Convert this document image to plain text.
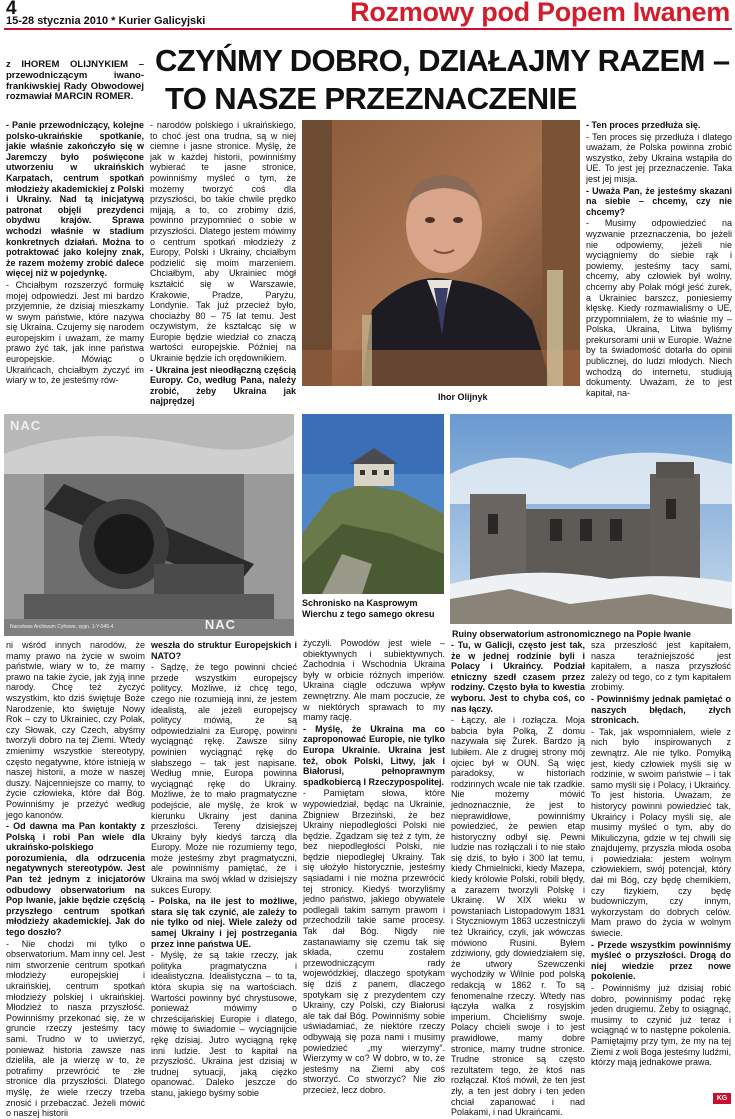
4
15-28 stycznia 2010 * Kurier Galicyjski	Rozmowy pod Popem Iwanem
CZYŃMY DOBRO, DZIAŁAJMY RAZEM –
TO NASZE PRZEZNACZENIE
z IHOREM OLIJNYKIEM – przewodniczącym iwano-frankiwskiej Rady Obwodowej rozmawiał MARCIN ROMER.

- Panie przewodniczący, kolejne polsko-ukraińskie spotkanie, jakie właśnie zakończyło się w Jaremczy było poświęcone utworzeniu w ukraińskich Karpatach, centrum spotkań młodzieży akademickiej z Polski i Ukrainy. Nad tą inicjatywą patronat objęli prezydenci obydwu krajów. Sprawa wchodzi właśnie w stadium konkretnych działań. Można to potraktować jako kolejny znak, że razem możemy zrobić dalece więcej niż w pojedynkę.

- Chciałbym rozszerzyć formułę mojej odpowiedzi. Jest mi bardzo przyjemnie, że dzisiaj mieszkamy w swym państwie, które nazywa się Ukraina. Czujemy się narodem europejskim i uważam, że mamy prawo żyć tak, jak inne państwa europejskie. Mówiąc o Ukraińcach, chciałbym życzyć im wiary w to, że jesteśmy rów-

- narodów polskiego i ukraińskiego, to choć jest ona trudna, są w niej ciemne i jasne stronice. Myślę, że jak w każdej historii, powinniśmy wybierać te jasne stronice, powinniśmy myśleć o tym, że możemy tworzyć coś dla przyszłości, bo takie chwile prędko mijają, a to, co zrobimy dziś, powinno przypomnieć o sobie w przyszłości. Dlatego jestem mówimy o centrum spotkań młodzieży z Europy, Polski i Ukrainy, chciałbym podzielić się moim marzeniem. Chciałbym, aby Ukrainiec mógł kształcić się w Warszawie, Krakowie, Pradze, Paryżu, Londynie. Tak już przecież było, chociażby 80 – 75 lat temu. Jest oczywistym, że kształcąc się w Europie będzie wiedział co znaczą wartości europejskie. Później na Ukrainie będzie ich orędownikiem.

- Ukraina jest nieodłączną częścią Europy. Co, według Pana, należy zrobić, żeby Ukraina jak najprędzej

- Ten proces przedłuża się.

- Ten proces się przedłuża i dlatego uważam, że Polska powinna zrobić wszystko, żeby Ukraina wstąpiła do UE. To jest jej przeznaczenie. Taka jest jej misja.

- Uważa Pan, że jesteśmy skazani na siebie – chcemy, czy nie chcemy?

- Musimy odpowiedzieć na wyzwanie przeznaczenia, bo jeżeli nie odpowiemy, jeżeli nie wyciągniemy do siebie rąk i powiemy, jesteśmy tacy sami, chcemy, aby człowiek był wolny, chcemy aby Polak mógł jeść żurek, a Ukrainiec barszcz, poniesiemy klęskę. Kiedy rozmawialiśmy o UE, przypomniałem, że to właśnie my – Polska, Ukraina, Litwa byliśmy prekursorami unii w Europie. Ważne by ta świadomość dotarła do opinii publicznej, do ludzi młodych. Niech wchodzą do internetu, studiują dokumenty. Uważam, że to jest kapitał, na-

Ihor Olijnyk
NAC
NAC
Narodowe Archiwum Cyfrowe, sygn. 1-Y-045-4
Schronisko na Kasprowym Wierchu z tego samego okresu
Ruiny obserwatorium astronomicznego na Popie Iwanie

ni wśród innych narodów, że mamy prawo na życie w swoim państwie, wiary w to, że mamy prawo na takie życie, jak żyją inne narody. Chcę też życzyć wszystkim, kto dziś świętuje Boże Narodzenie, kto świętuje Nowy Rok – czy to Ukrainiec, czy Polak, czy Słowak, czy Czech, abyśmy tworzyli dobro na tej Ziemi. Wtedy zmienimy wszystkie stereotypy, często negatywne, które istnieją w naszej historii, a może w naszej duszy. Najcenniejsze co mamy, to życie człowieka, które dał Bóg. Powinniśmy je przeżyć według jego kanonów.

- Od dawna ma Pan kontakty z Polską i robi Pan wiele dla ukraińsko-polskiego porozumienia, dla odrzucenia negatywnych stereotypów. Jest Pan też jednym z inicjatorów odbudowy obserwatorium na Pop Iwanie, jakie będzie częścią przyszłego centrum spotkań młodzieży akademickiej. Jak do tego doszło?

- Nie chodzi mi tylko o obserwatorium. Mam inny cel. Jest nim stworzenie centrum spotkań młodzieży europejskiej i ukraińskiej, centrum spotkań młodzieży polskiej i ukraińskiej. Młodzież to nasza przyszłość. Powinniśmy przekonać się, że w gruncie rzeczy jesteśmy tacy sami. Trudno w to uwierzyć, ponieważ historia zawsze nas dzieliła, ale ja wierzę w to, że potrafimy przewrócić te złe stronice dla przyszłości. Dlatego myślę, że wiele rzeczy trzeba znosić i przebaczać. Jeżeli mówić o naszej historii

weszła do struktur Europejskich i NATO?

- Sądzę, że tego powinni chcieć przede wszystkim europejscy politycy. Możliwe, iż chcę tego, czego nie rozumieją inni, że jestem idealistą, ale jeżeli europejscy politycy mówią, że są odpowiedzialni za Europę, powinni wyciągnąć rękę. Zawsze silny powinien wyciągnąć rękę do słabszego – tak jest napisane. Według mnie, Europa powinna wyciągnąć rękę do Ukrainy. Możliwe, że to mało pragmatyczne podejście, ale myślę, że krok w kierunku Ukrainy jest danina przeszłości. Tereny dzisiejszej Ukrainy były kiedyś tarczą dla Europy. Może nie rozumiemy tego, może jesteśmy zbyt pragmatyczni, ale powinniśmy pamiętać, że i Ukraina ma swój wkład w dzisiejszy sukces Europy.

- Polska, na ile jest to możliwe, stara się tak czynić, ale zależy to nie tylko od niej. Wiele zależy od samej Ukrainy i jej postrzegania przez inne państwa UE.

- Myślę, że są takie rzeczy, jak polityka pragmatyczna i idealistyczna. Idealistyczna – to ta, która skupia się na wartościach. Wartości powinny być chrystusowe, ponieważ mówimy o chrześcijańskiej Europie i dlatego, mówię to świadomie – wyciągnijcie rękę dzisiaj. Jutro wyciągną rękę inni ludzie. Jest to kapitał na przyszłość. Ukraina jest dzisiaj w trudnej sytuacji, jaką ciężko opanować. Daleko jeszcze do stanu, jakiego byśmy sobie

życzyli. Powodów jest wiele – obiektywnych i subiektywnych. Zachodnia i Wschodnia Ukraina były w orbicie różnych imperiów. Ukraina ciągle odczuwa wpływ zewnętrzny. Ale mam poczucie, że w niektórych sprawach to my mamy rację.

- Myślę, że Ukraina ma co zaproponować Europie, nie tylko Europa Ukrainie. Ukraina jest też, obok Polski, Litwy, jak i Białorusi, pełnoprawnym spadkobiercą I Rzeczypospolitej.

- Pamiętam słowa, które wypowiedział, będąc na Ukrainie, Zbigniew Brzeziński, że bez Ukrainy niepodległości Polski nie będzie. Zgadzam się też z tym, że bez niepodległości Polski, nie będzie niepodległej Ukrainy. Tak się ułożyło historycznie, jesteśmy sąsiadami i nie można przewrócić tej stronicy. Kiedyś tworzyliśmy jedno państwo, jakiego obywatele podlegali takim samym prawom i przechodzili takie same procesy. Tak dał Bóg. Nigdy nie zastanawiamy się czemu tak się składa, czemu zostałem przewodniczącym rady wojewódzkiej, dlaczego spotykam się dziś z panem, dlaczego spotykam się z prezydentem czy Ukrainy, czy Polski, czy Białorusi ale tak dał Bóg. Powinniśmy sobie uświadamiać, że niektóre rzeczy odbywają się poza nami i musimy powiedzieć „my wierzymy”. Wierzymy w co? W dobro, w to, że jesteśmy na Ziemi aby coś stworzyć. Co stworzyć? Nie zło przecież, lecz dobro.

- Tu, w Galicji, często jest tak, że w jednej rodzinie byli i Polacy i Ukraińcy. Podział etniczny szedł czasem przez rodziny. Często była to kwestia wyboru. Jest to chyba coś, co nas łączy.

- Łączy, ale i rozłącza. Moja babcia była Polką, Z domu nazywała się Żurek. Bardzo ją lubiłem. Ale z drugiej strony mój ojciec był w OUN. Są więc paradoksy, w historiach rodzinnych wcale nie tak rzadkie. Nie możemy mówić jednoznacznie, że jest to nieprawidłowe, powinniśmy powiedzieć, że pewien etap historyczny odbył się. Pewni ludzie nas rozłączali i to nie stało się dziś, to było i 300 lat temu, kiedy Chmielnicki, kiedy Mazepa, kiedy królowie Polski, robili błędy, a zarazem tworzyli Polskę i Ukrainę. W XIX wieku w powstaniach Listopadowym 1831 i Styczniowym 1863 uczestniczyli też Ukraińcy, czyli, jak wówczas mówiono Rusini. Byłem zdziwiony, gdy dowiedziałem się, że utwory Szewczenki wychodziły w Wilnie pod polską redakcją w 1862 r. To są fenomenalne rzeczy. Wtedy nas łączyła walka z rosyjskim imperium. Chcieliśmy swoje. Polacy chcieli swoje i to jest prawidłowe, mamy dobre stronice, mamy trudne stronice. Trudne stronice są często rezultatem tego, że ktoś nas rozłączał. Ktoś mówił, że ten jest zły, a ten jest dobry i ten jeden chciał zapanować i nad Polakami, i nad Ukraińcami.

sza przeszłość jest kapitałem, nasza teraźniejszość jest kapitałem, a nasza przyszłość zależy od tego, co z tym kapitałem zrobimy.

- Powinniśmy jednak pamiętać o naszych błędach, złych stronicach.

- Tak, jak wspomniałem, wiele z nich było inspirowanych z zewnątrz. Ale nie tylko. Pomyłką jest, kiedy człowiek myśli się w rodzinie, w swoim państwie – i tak samo myśli się i Polacy, i Ukraińcy. To jest historia. Uważam, że historycy powinni powiedzieć tak, Ukraińcy i Polacy myśli się, ale musimy myśleć o tym, aby do Mikuliczyna, gdzie w tej chwili się znajdujemy, przyszła młoda osoba i powiedziała: jestem wolnym człowiekiem, swój potencjał, który dał mi Bóg, czy będę chemikiem, czy fizykiem, czy będę budowniczym, czy innym, wykorzystam do dobrych celów. Mam prawo do życia w wolnym świecie.

- Przede wszystkim powinniśmy myśleć o przyszłości. Drogą do niej wiedzie przez nowe pokolenie.

- Powinniśmy już dzisiaj robić dobro, powinniśmy podać rękę jeden drugiemu. Żeby to osiągnąć, musimy to czynić już teraz i wciągnąć w to następne pokolenia. Pamiętajmy przy tym, że my na tej Ziemi z woli Boga jesteśmy ludźmi, którzy mają jednakowe prawa.

KG
